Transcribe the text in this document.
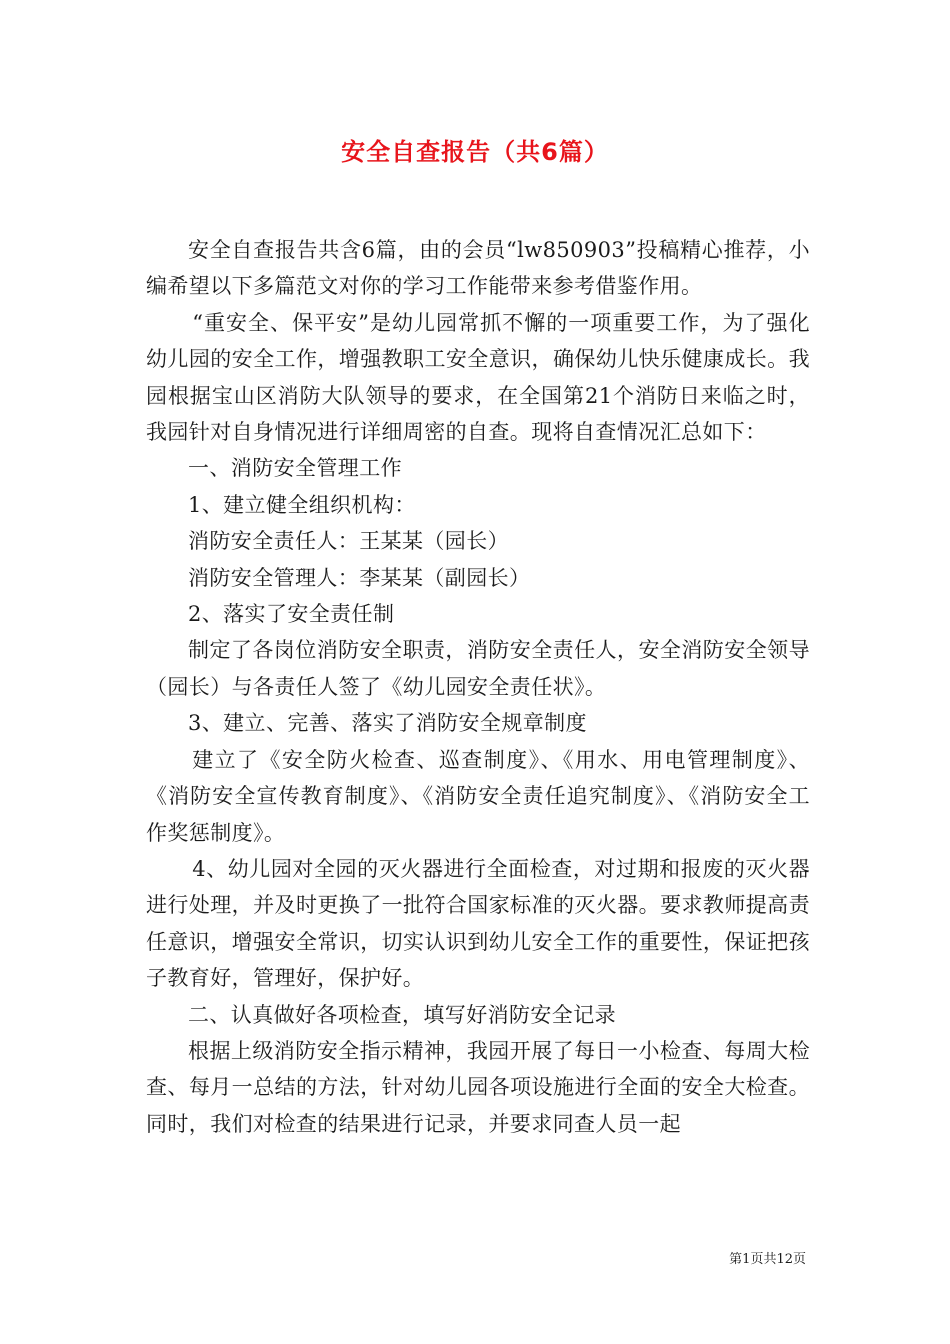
安全自查报告（共6篇）

安全自查报告共含6篇，由的会员“lw850903”投稿精心推荐，小编希望以下多篇范文对你的学习工作能带来参考借鉴作用。

“重安全、保平安”是幼儿园常抓不懈的一项重要工作，为了强化幼儿园的安全工作，增强教职工安全意识，确保幼儿快乐健康成长。我园根据宝山区消防大队领导的要求，在全国第21个消防日来临之时，我园针对自身情况进行详细周密的自查。现将自查情况汇总如下：

一、消防安全管理工作

1、建立健全组织机构：

消防安全责任人：王某某（园长）

消防安全管理人：李某某（副园长）

2、落实了安全责任制

制定了各岗位消防安全职责，消防安全责任人，安全消防安全领导（园长）与各责任人签了《幼儿园安全责任状》。

3、建立、完善、落实了消防安全规章制度

建立了《安全防火检查、巡查制度》、《用水、用电管理制度》、《消防安全宣传教育制度》、《消防安全责任追究制度》、《消防安全工作奖惩制度》。

4、幼儿园对全园的灭火器进行全面检查，对过期和报废的灭火器进行处理，并及时更换了一批符合国家标准的灭火器。要求教师提高责任意识，增强安全常识，切实认识到幼儿安全工作的重要性，保证把孩子教育好，管理好，保护好。

二、认真做好各项检查，填写好消防安全记录

根据上级消防安全指示精神，我园开展了每日一小检查、每周大检查、每月一总结的方法，针对幼儿园各项设施进行全面的安全大检查。同时，我们对检查的结果进行记录，并要求同查人员一起

第1页共12页
